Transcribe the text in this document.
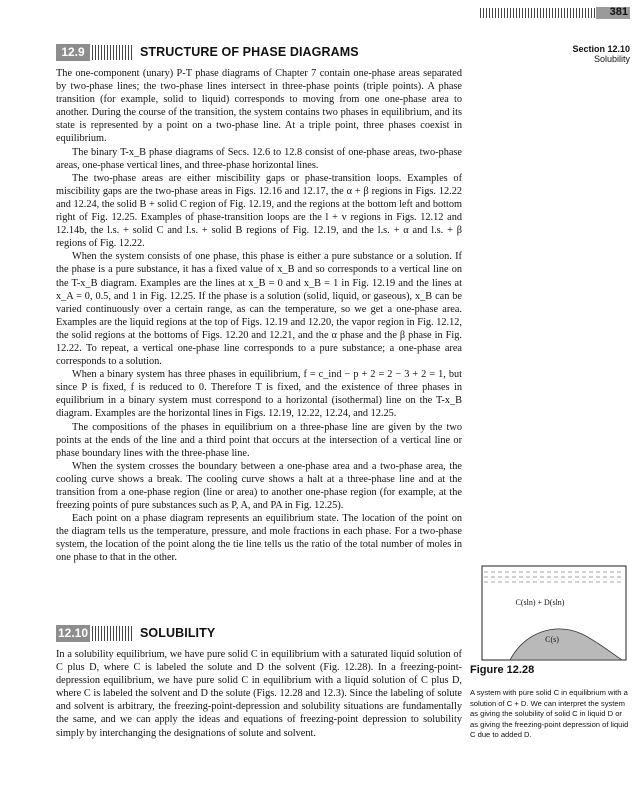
381
Section 12.10
Solubility
12.9	STRUCTURE OF PHASE DIAGRAMS

The one-component (unary) P-T phase diagrams of Chapter 7 contain one-phase areas separated by two-phase lines; the two-phase lines intersect in three-phase points (triple points). A phase transition (for example, solid to liquid) corresponds to moving from one one-phase area to another. During the course of the transition, the system contains two phases in equilibrium, and its state is represented by a point on a two-phase line. At a triple point, three phases coexist in equilibrium.

The binary T-x_B phase diagrams of Secs. 12.6 to 12.8 consist of one-phase areas, two-phase areas, one-phase vertical lines, and three-phase horizontal lines.

The two-phase areas are either miscibility gaps or phase-transition loops. Examples of miscibility gaps are the two-phase areas in Figs. 12.16 and 12.17, the α + β regions in Figs. 12.22 and 12.24, the solid B + solid C region of Fig. 12.19, and the regions at the bottom left and bottom right of Fig. 12.25. Examples of phase-transition loops are the l + v regions in Figs. 12.12 and 12.14b, the l.s. + solid C and l.s. + solid B regions of Fig. 12.19, and the l.s. + α and l.s. + β regions of Fig. 12.22.

When the system consists of one phase, this phase is either a pure substance or a solution. If the phase is a pure substance, it has a fixed value of x_B and so corresponds to a vertical line on the T-x_B diagram. Examples are the lines at x_B = 0 and x_B = 1 in Fig. 12.19 and the lines at x_A = 0, 0.5, and 1 in Fig. 12.25. If the phase is a solution (solid, liquid, or gaseous), x_B can be varied continuously over a certain range, as can the temperature, so we get a one-phase area. Examples are the liquid regions at the top of Figs. 12.19 and 12.20, the vapor region in Fig. 12.12, the solid regions at the bottoms of Figs. 12.20 and 12.21, and the α phase and the β phase in Fig. 12.22. To repeat, a vertical one-phase line corresponds to a pure substance; a one-phase area corresponds to a solution.

When a binary system has three phases in equilibrium, f = c_ind − p + 2 = 2 − 3 + 2 = 1, but since P is fixed, f is reduced to 0. Therefore T is fixed, and the existence of three phases in equilibrium in a binary system must correspond to a horizontal (isothermal) line on the T-x_B diagram. Examples are the horizontal lines in Figs. 12.19, 12.22, 12.24, and 12.25.

The compositions of the phases in equilibrium on a three-phase line are given by the two points at the ends of the line and a third point that occurs at the intersection of a vertical line or phase boundary lines with the three-phase line.

When the system crosses the boundary between a one-phase area and a two-phase area, the cooling curve shows a break. The cooling curve shows a halt at a three-phase line and at the transition from a one-phase region (line or area) to another one-phase region (for example, at the freezing points of pure substances such as P, A, and PA in Fig. 12.25).

Each point on a phase diagram represents an equilibrium state. The location of the point on the diagram tells us the temperature, pressure, and mole fractions in each phase. For a two-phase system, the location of the point along the tie line tells us the ratio of the total number of moles in one phase to that in the other.

12.10	SOLUBILITY

In a solubility equilibrium, we have pure solid C in equilibrium with a saturated liquid solution of C plus D, where C is labeled the solute and D the solvent (Fig. 12.28). In a freezing-point-depression equilibrium, we have pure solid C in equilibrium with a liquid solution of C plus D, where C is labeled the solvent and D the solute (Figs. 12.28 and 12.3). Since the labeling of solute and solvent is arbitrary, the freezing-point-depression and solubility situations are fundamentally the same, and we can apply the ideas and equations of freezing-point depression to solubility simply by interchanging the designations of solute and solvent.

C(sln) + D(sln)
C(s)
Figure 12.28
A system with pure solid C in equilibrium with a solution of C + D. We can interpret the system as giving the solubility of solid C in liquid D or as giving the freezing-point depression of liquid C due to added D.
